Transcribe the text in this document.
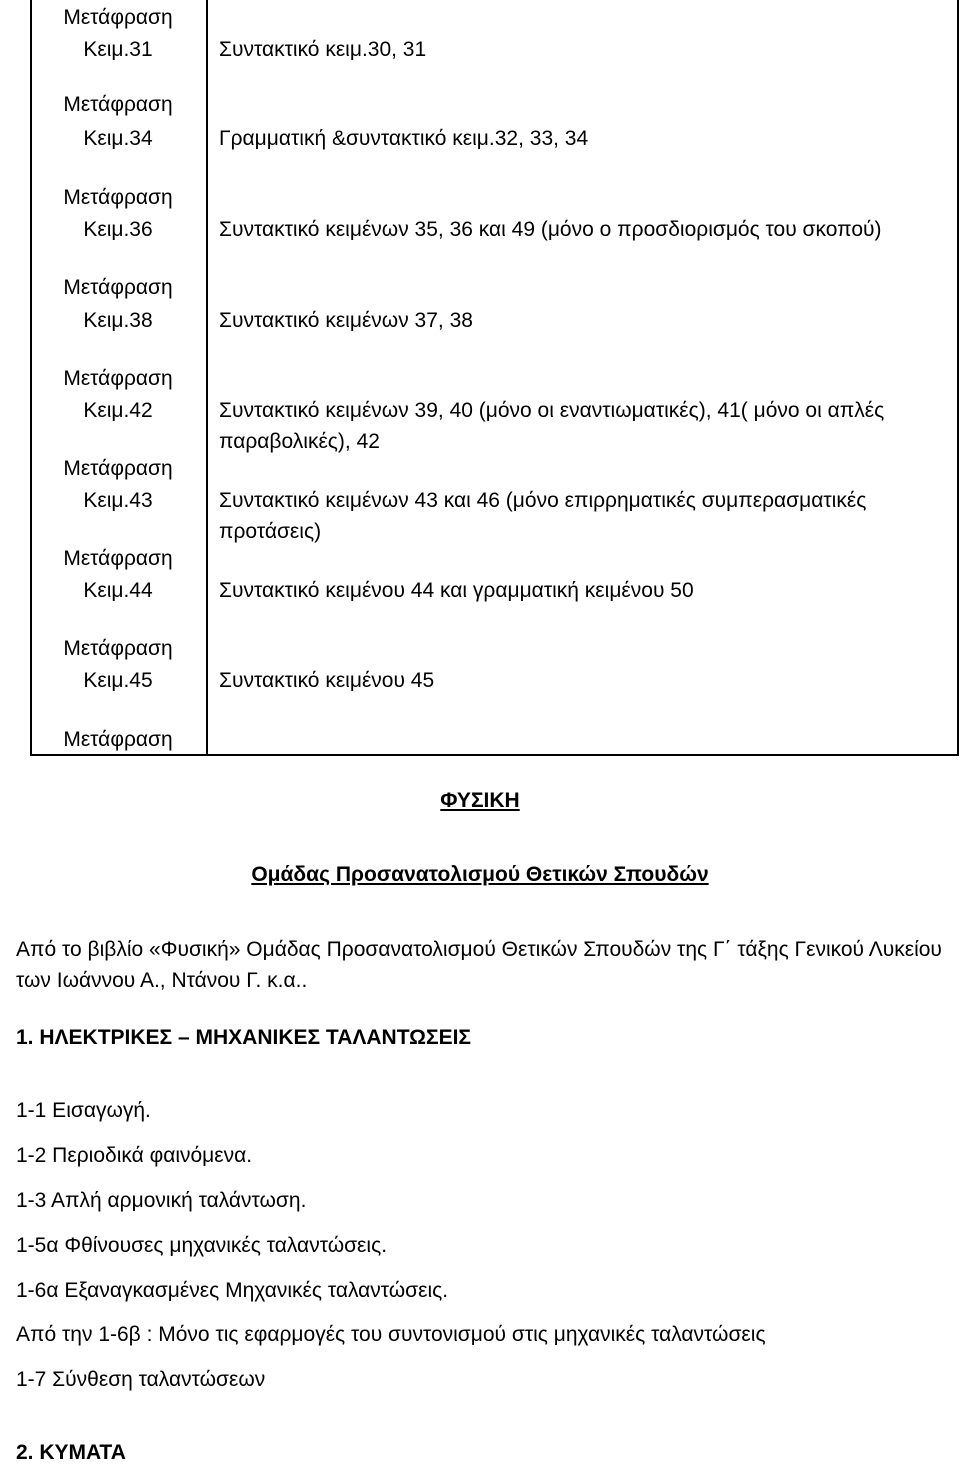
Μετάφραση
Κειμ.31
Μετάφραση
Κειμ.34
Μετάφραση
Κειμ.36
Μετάφραση
Κειμ.38
Μετάφραση
Κειμ.42
Μετάφραση
Κειμ.43
Μετάφραση
Κειμ.44
Μετάφραση
Κειμ.45
Μετάφραση
Συντακτικό κειμ.30, 31
Γραμματική &συντακτικό κειμ.32, 33, 34
Συντακτικό κειμένων 35, 36 και 49 (μόνο ο προσδιορισμός του σκοπού)
Συντακτικό κειμένων 37, 38
Συντακτικό κειμένων 39, 40 (μόνο οι εναντιωματικές), 41( μόνο οι απλές παραβολικές), 42
Συντακτικό κειμένων 43 και 46 (μόνο επιρρηματικές συμπερασματικές προτάσεις)
Συντακτικό κειμένου 44 και γραμματική κειμένου 50
Συντακτικό κειμένου 45
ΦΥΣΙΚΗ
Ομάδας Προσανατολισμού Θετικών Σπουδών
Από το βιβλίο «Φυσική» Ομάδας Προσανατολισμού Θετικών Σπουδών της Γ΄ τάξης Γενικού Λυκείου των Ιωάννου Α., Ντάνου Γ. κ.α..
1. ΗΛΕΚΤΡΙΚΕΣ – ΜΗΧΑΝΙΚΕΣ ΤΑΛΑΝΤΩΣΕΙΣ
1-1 Εισαγωγή.
1-2 Περιοδικά φαινόμενα.
1-3 Απλή αρμονική ταλάντωση.
1-5α Φθίνουσες μηχανικές ταλαντώσεις.
1-6α Εξαναγκασμένες Μηχανικές ταλαντώσεις.
Από την 1-6β : Μόνο τις εφαρμογές του συντονισμού στις μηχανικές ταλαντώσεις
1-7 Σύνθεση ταλαντώσεων
2. ΚΥΜΑΤΑ
